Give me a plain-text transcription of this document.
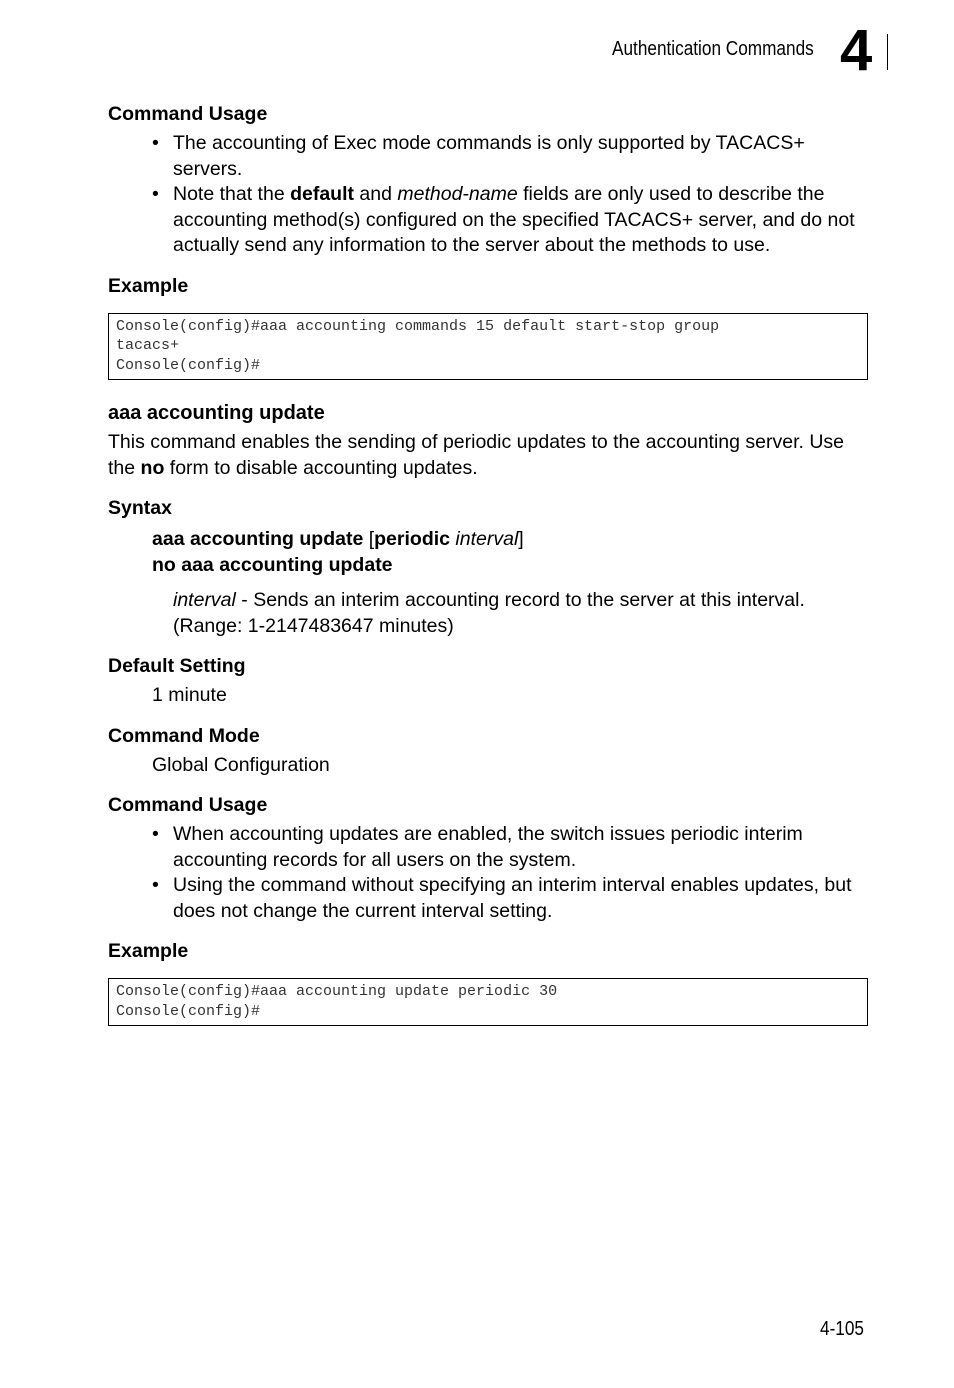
Authentication Commands 4
Command Usage
• The accounting of Exec mode commands is only supported by TACACS+ servers.
• Note that the default and method-name fields are only used to describe the accounting method(s) configured on the specified TACACS+ server, and do not actually send any information to the server about the methods to use.
Example
Console(config)#aaa accounting commands 15 default start-stop group
tacacs+
Console(config)#
aaa accounting update
This command enables the sending of periodic updates to the accounting server. Use the no form to disable accounting updates.
Syntax
aaa accounting update [periodic interval]
no aaa accounting update
interval - Sends an interim accounting record to the server at this interval. (Range: 1-2147483647 minutes)
Default Setting
1 minute
Command Mode
Global Configuration
Command Usage
• When accounting updates are enabled, the switch issues periodic interim accounting records for all users on the system.
• Using the command without specifying an interim interval enables updates, but does not change the current interval setting.
Example
Console(config)#aaa accounting update periodic 30
Console(config)#
4-105
